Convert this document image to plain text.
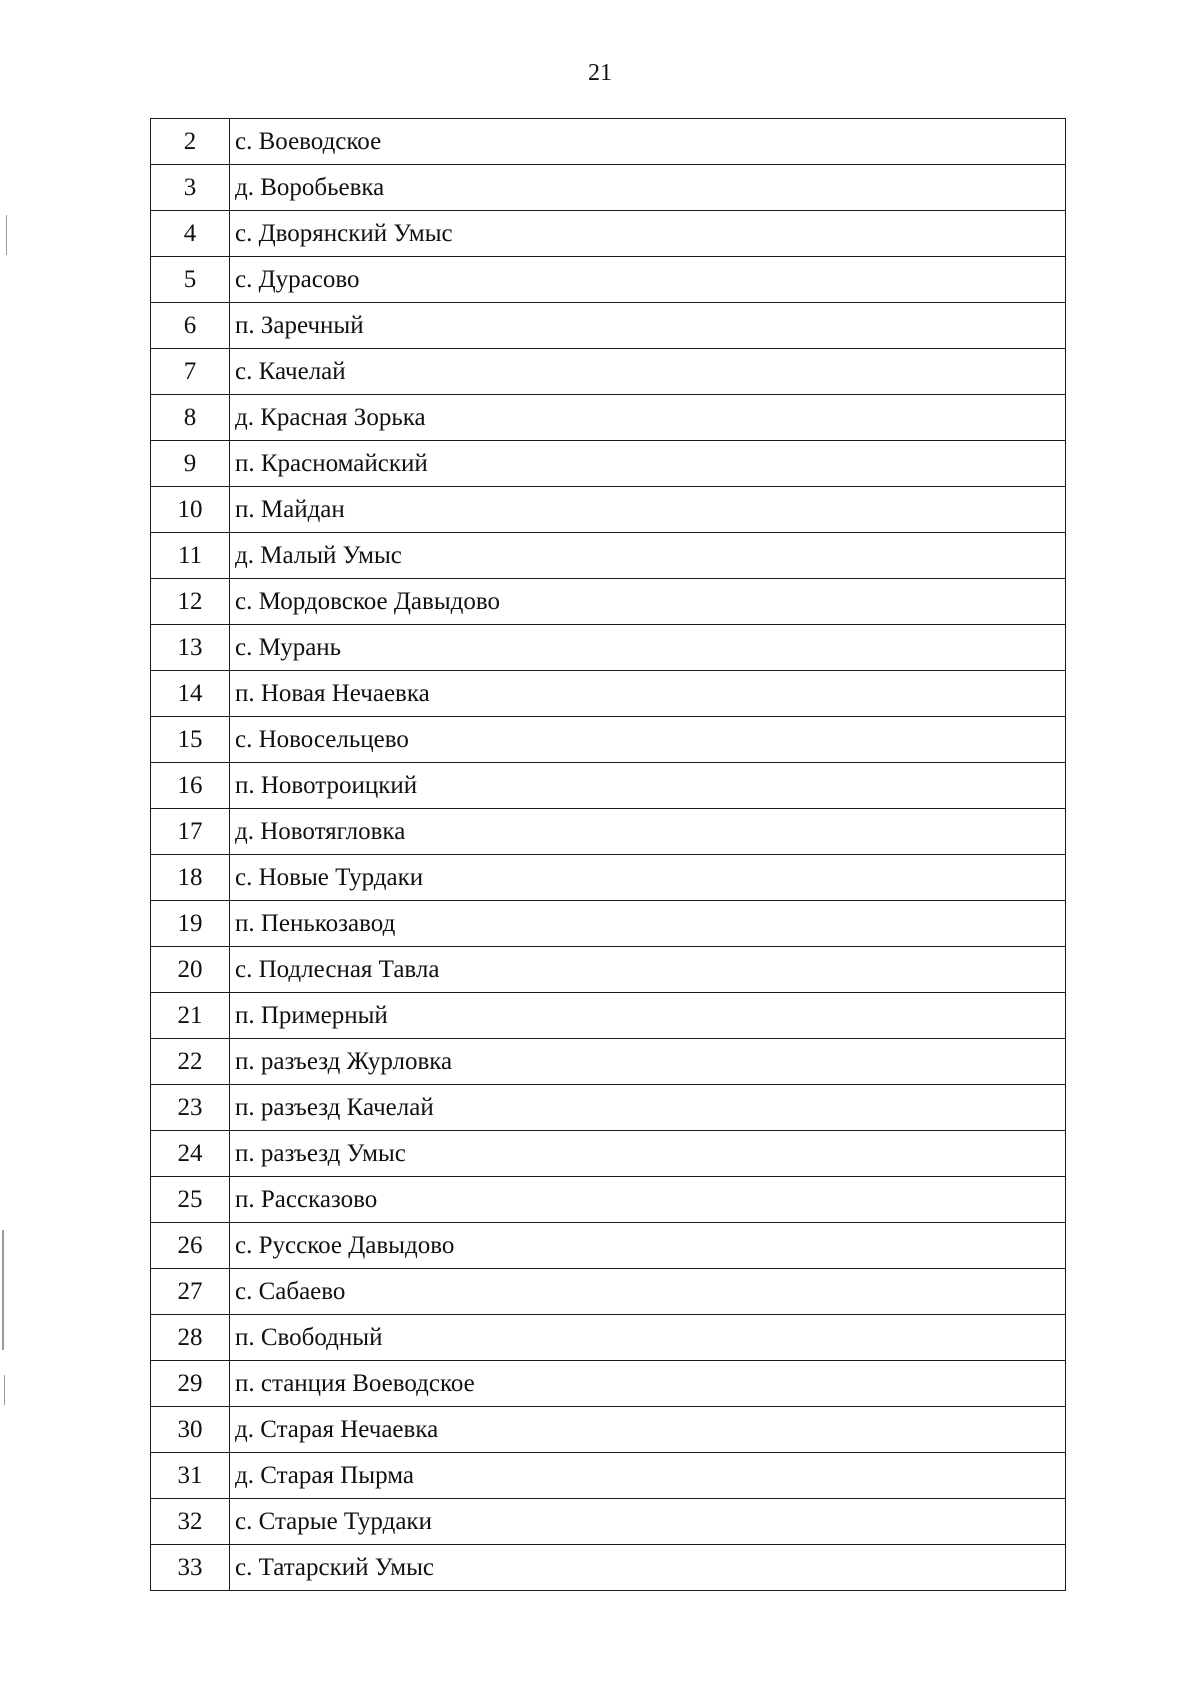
21
2	с. Воеводское
3	д. Воробьевка
4	с. Дворянский Умыс
5	с. Дурасово
6	п. Заречный
7	с. Качелай
8	д. Красная Зорька
9	п. Красномайский
10	п. Майдан
11	д. Малый Умыс
12	с. Мордовское Давыдово
13	с. Мурань
14	п. Новая Нечаевка
15	с. Новосельцево
16	п. Новотроицкий
17	д. Новотягловка
18	с. Новые Турдаки
19	п. Пенькозавод
20	с. Подлесная Тавла
21	п. Примерный
22	п. разъезд Журловка
23	п. разъезд Качелай
24	п. разъезд Умыс
25	п. Рассказово
26	с. Русское Давыдово
27	с. Сабаево
28	п. Свободный
29	п. станция Воеводское
30	д. Старая Нечаевка
31	д. Старая Пырма
32	с. Старые Турдаки
33	с. Татарский Умыс
